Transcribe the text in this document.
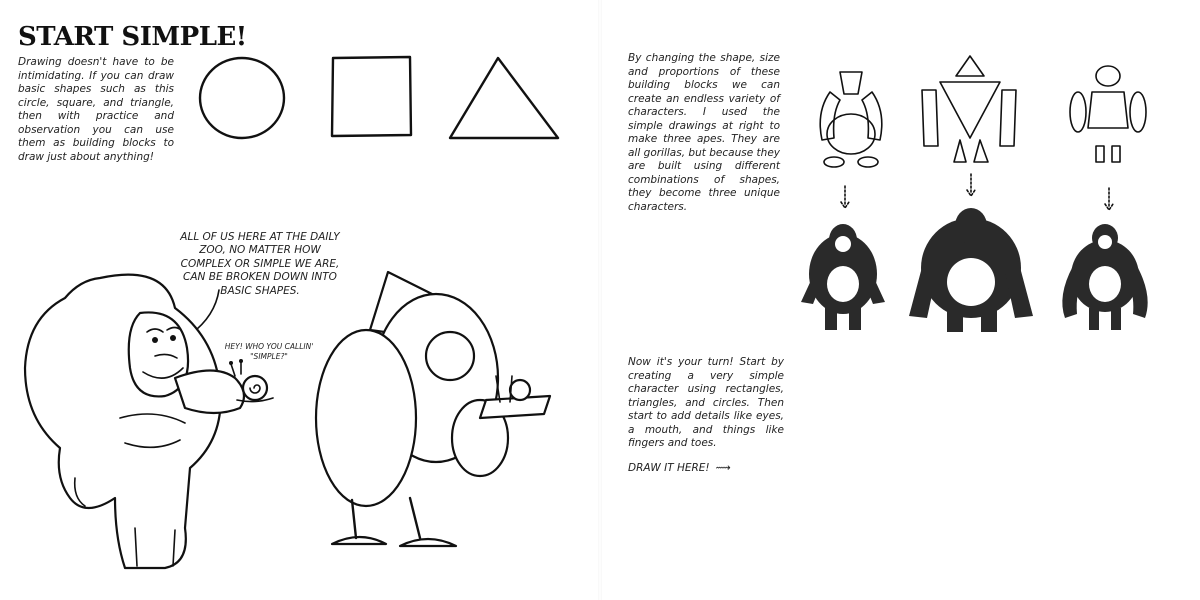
START SIMPLE!

Drawing doesn't have to be intimidating. If you can draw basic shapes such as this circle, square, and triangle, then with practice and observation you can use them as building blocks to draw just about anything!

ALL OF US HERE AT THE DAILY ZOO, NO MATTER HOW COMPLEX OR SIMPLE WE ARE, CAN BE BROKEN DOWN INTO BASIC SHAPES.

HEY! WHO YOU CALLIN' "SIMPLE?"

By changing the shape, size and proportions of these building blocks we can create an endless variety of characters. I used the simple drawings at right to make three apes. They are all gorillas, but because they are built using different combinations of shapes, they become three unique characters.

Now it's your turn! Start by creating a very simple character using rectangles, triangles, and circles. Then start to add details like eyes, a mouth, and things like fingers and toes.

DRAW IT HERE! ⟿
